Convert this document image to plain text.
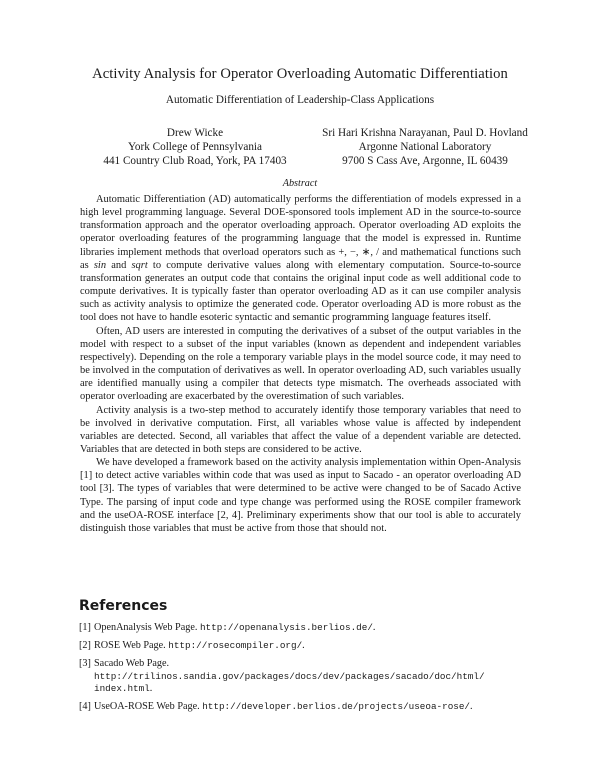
Activity Analysis for Operator Overloading Automatic Differentiation
Automatic Differentiation of Leadership-Class Applications
Drew Wicke
York College of Pennsylvania
441 Country Club Road, York, PA 17403
Sri Hari Krishna Narayanan, Paul D. Hovland
Argonne National Laboratory
9700 S Cass Ave, Argonne, IL 60439
Abstract

Automatic Differentiation (AD) automatically performs the differentiation of models expressed in a high level programming language. Several DOE-sponsored tools implement AD in the source-to-source transformation approach and the operator overloading approach. Operator overloading AD exploits the operator overloading features of the programming language that the model is expressed in. Runtime libraries implement methods that overload operators such as +, −, ∗, / and mathematical functions such as sin and sqrt to compute derivative values along with elementary computation. Source-to-source transformation generates an output code that contains the original input code as well additional code to compute derivatives. It is typically faster than operator overloading AD as it can use compiler analysis such as activity analysis to optimize the generated code. Operator overloading AD is more robust as the tool does not have to handle esoteric syntactic and semantic programming language features itself.

Often, AD users are interested in computing the derivatives of a subset of the output variables in the model with respect to a subset of the input variables (known as dependent and independent variables respectively). Depending on the role a temporary variable plays in the model source code, it may need to be involved in the computation of derivatives as well. In operator overloading AD, such variables usually are identified manually using a compiler that detects type mismatch. The overheads associated with operator overloading are exacerbated by the overestimation of such variables.

Activity analysis is a two-step method to accurately identify those temporary variables that need to be involved in derivative computation. First, all variables whose value is affected by independent variables are detected. Second, all variables that affect the value of a dependent variable are detected. Variables that are detected in both steps are considered to be active.

We have developed a framework based on the activity analysis implementation within Open-Analysis [1] to detect active variables within code that was used as input to Sacado - an operator overloading AD tool [3]. The types of variables that were determined to be active were changed to be of Sacado Active Type. The parsing of input code and type change was performed using the ROSE compiler framework and the useOA-ROSE interface [2, 4]. Preliminary experiments show that our tool is able to accurately distinguish those variables that must be active from those that should not.

References
[1] OpenAnalysis Web Page. http://openanalysis.berlios.de/.
[2] ROSE Web Page. http://rosecompiler.org/.
[3] Sacado Web Page. http://trilinos.sandia.gov/packages/docs/dev/packages/sacado/doc/html/
index.html.
[4] UseOA-ROSE Web Page. http://developer.berlios.de/projects/useoa-rose/.
